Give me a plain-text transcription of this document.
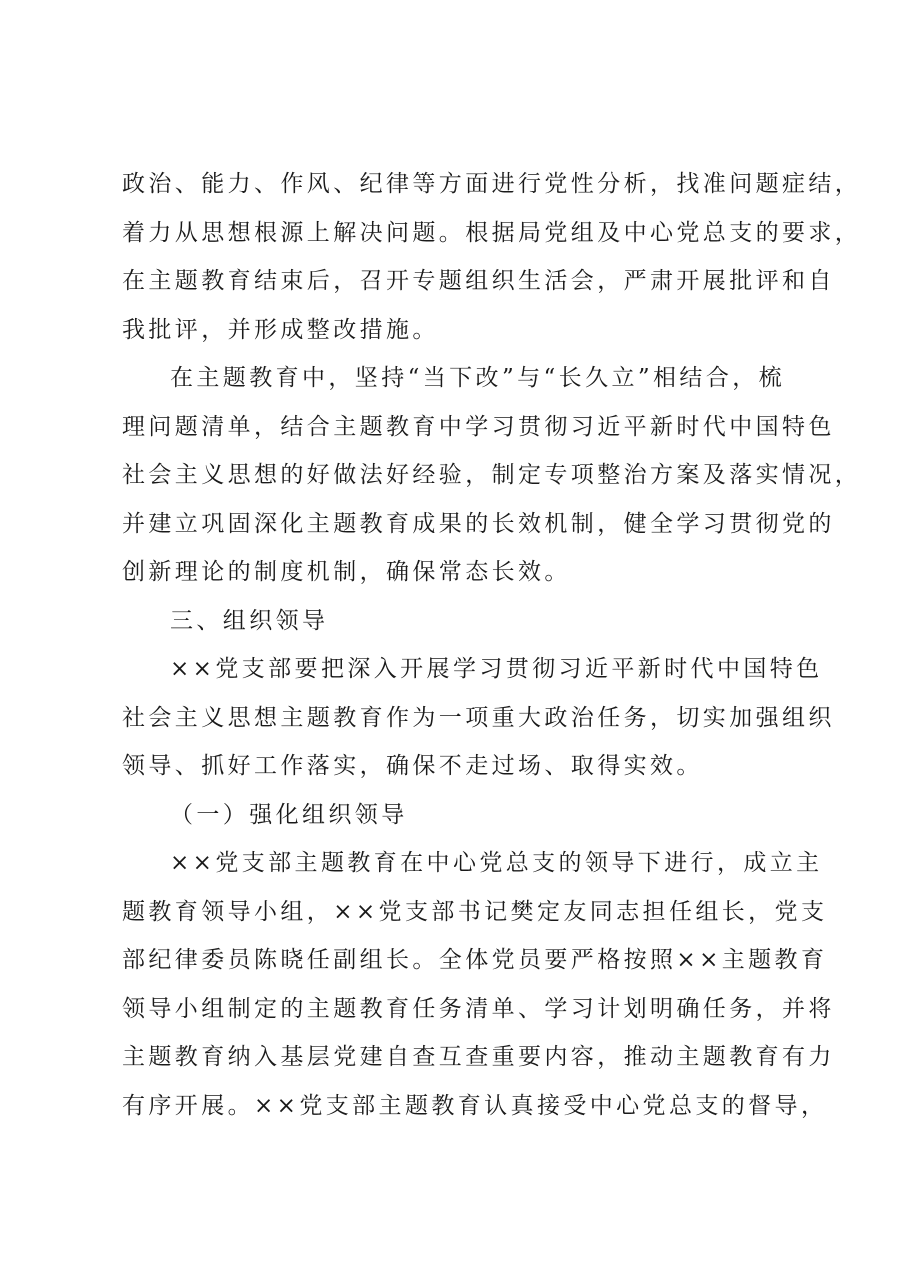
政治、能力、作风、纪律等方面进行党性分析，找准问题症结，
着力从思想根源上解决问题。根据局党组及中心党总支的要求，
在主题教育结束后，召开专题组织生活会，严肃开展批评和自
我批评，并形成整改措施。
在主题教育中，坚持“当下改”与“长久立”相结合，梳
理问题清单，结合主题教育中学习贯彻习近平新时代中国特色
社会主义思想的好做法好经验，制定专项整治方案及落实情况，
并建立巩固深化主题教育成果的长效机制，健全学习贯彻党的
创新理论的制度机制，确保常态长效。
三、组织领导
××党支部要把深入开展学习贯彻习近平新时代中国特色
社会主义思想主题教育作为一项重大政治任务，切实加强组织
领导、抓好工作落实，确保不走过场、取得实效。
（一）强化组织领导
××党支部主题教育在中心党总支的领导下进行，成立主
题教育领导小组，××党支部书记樊定友同志担任组长，党支
部纪律委员陈晓任副组长。全体党员要严格按照××主题教育
领导小组制定的主题教育任务清单、学习计划明确任务，并将
主题教育纳入基层党建自查互查重要内容，推动主题教育有力
有序开展。××党支部主题教育认真接受中心党总支的督导，
